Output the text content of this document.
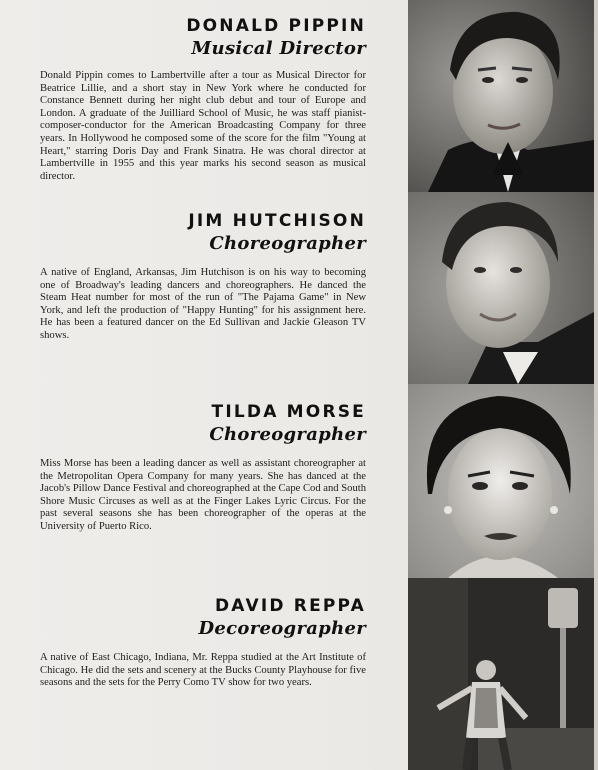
DONALD PIPPIN
Musical Director

Donald Pippin comes to Lambertville after a tour as Musical Director for Beatrice Lillie, and a short stay in New York where he conducted for Constance Bennett during her night club debut and tour of Europe and London. A graduate of the Juilliard School of Music, he was staff pianist-composer-conductor for the American Broadcasting Company for three years. In Hollywood he composed some of the score for the film "Young at Heart," starring Doris Day and Frank Sinatra. He was choral director at Lambertville in 1955 and this year marks his second season as musical director.

JIM HUTCHISON
Choreographer

A native of England, Arkansas, Jim Hutchison is on his way to becoming one of Broadway's leading dancers and choreographers. He danced the Steam Heat number for most of the run of "The Pajama Game" in New York, and left the production of "Happy Hunting" for his assignment here. He has been a featured dancer on the Ed Sullivan and Jackie Gleason TV shows.

TILDA MORSE
Choreographer

Miss Morse has been a leading dancer as well as assistant choreographer at the Metropolitan Opera Company for many years. She has danced at the Jacob's Pillow Dance Festival and choreographed at the Cape Cod and South Shore Music Circuses as well as at the Finger Lakes Lyric Circus. For the past several seasons she has been choreographer of the operas at the University of Puerto Rico.

DAVID REPPA
Decoreographer

A native of East Chicago, Indiana, Mr. Reppa studied at the Art Institute of Chicago. He did the sets and scenery at the Bucks County Playhouse for five seasons and the sets for the Perry Como TV show for two years.
